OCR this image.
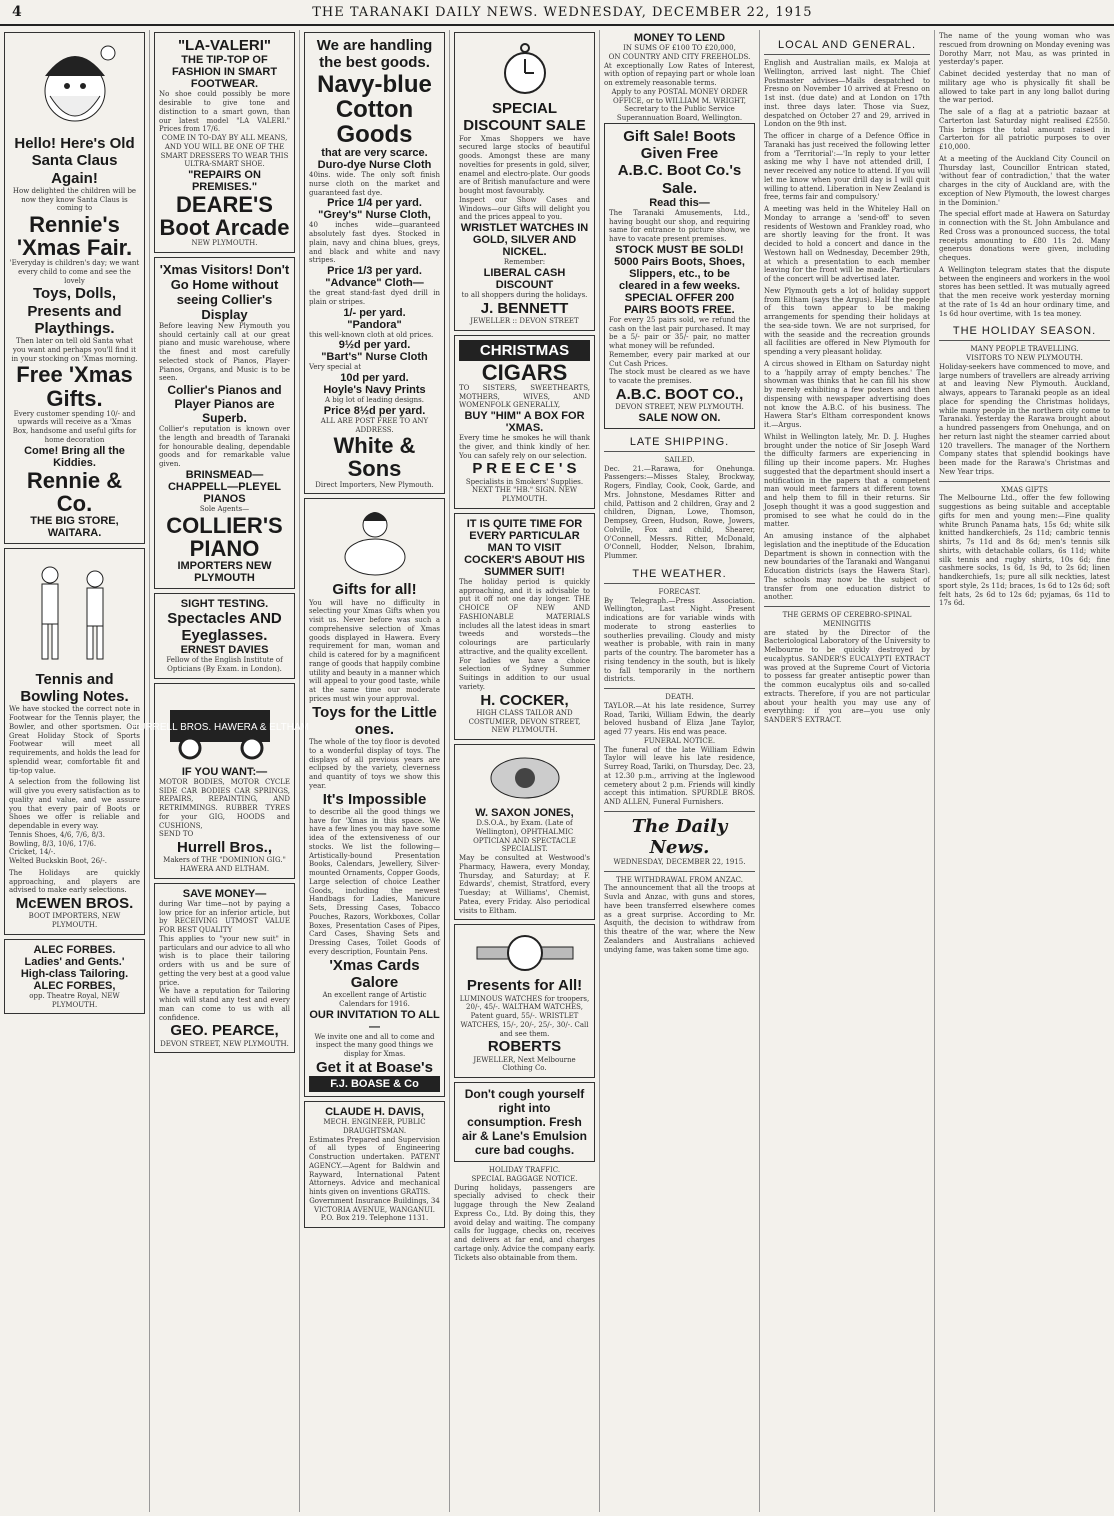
4	THE TARANAKI DAILY NEWS. WEDNESDAY, DECEMBER 22, 1915
Hello! Here's Old
Santa Claus Again!
How delighted the children will be now they know Santa Claus is coming to
Rennie's 'Xmas Fair.
'Everyday is children's day; we want every child to come and see the lovely
Toys, Dolls, Presents and Playthings.
Then later on tell old Santa what you want and perhaps you'll find it in your stocking on 'Xmas morning.
Free 'Xmas Gifts.
Every customer spending 10/- and upwards will receive as a 'Xmas Box, handsome and useful gifts for home decoration
Come! Bring all the Kiddies.
Rennie & Co.
THE BIG STORE, WAITARA.
Tennis and Bowling Notes.
We have stocked the correct note in Footwear for the Tennis player, the Bowler, and other sportsmen. Our Great Holiday Stock of Sports Footwear will meet all requirements, and holds the lead for splendid wear, comfortable fit and tip-top value.
A selection from the following list will give you every satisfaction as to quality and value, and we assure you that every pair of Boots or Shoes we offer is reliable and dependable in every way.
Tennis Shoes, 4/6, 7/6, 8/3.
Bowling, 8/3, 10/6, 17/6.
Cricket, 14/-.
Welted Buckskin Boot, 26/-.
The Holidays are quickly approaching, and players are advised to make early selections.
McEWEN BROS.
BOOT IMPORTERS, NEW PLYMOUTH.
ALEC FORBES.
Ladies' and Gents.' High-class Tailoring.
ALEC FORBES,
opp. Theatre Royal, NEW PLYMOUTH.
"LA-VALERI"
THE TIP-TOP OF FASHION IN SMART FOOTWEAR.
No shoe could possibly be more desirable to give tone and distinction to a smart gown, than our latest model "LA VALERI." Prices from 17/6.
COME IN TO-DAY BY ALL MEANS, AND YOU WILL BE ONE OF THE SMART DRESSERS TO WEAR THIS ULTRA-SMART SHOE.
"REPAIRS ON PREMISES."
DEARE'S Boot Arcade
NEW PLYMOUTH.
'Xmas Visitors! Don't Go Home without seeing Collier's Display
Before leaving New Plymouth you should certainly call at our great piano and music warehouse, where the finest and most carefully selected stock of Pianos, Player-Pianos, Organs, and Music is to be seen.
Collier's Pianos and Player Pianos are Superb.
Collier's reputation is known over the length and breadth of Taranaki for honourable dealing, dependable goods and for remarkable value given.
BRINSMEAD—CHAPPELL—PLEYEL PIANOS
Sole Agents—
COLLIER'S PIANO
IMPORTERS NEW PLYMOUTH
SIGHT TESTING.
Spectacles AND Eyeglasses.
ERNEST DAVIES
Fellow of the English Institute of Opticians (By Exam. in London).
HURRELL BROS. HAWERA & ELTHAM
IF YOU WANT:—
MOTOR BODIES, MOTOR CYCLE SIDE CAR BODIES CAR SPRINGS, REPAIRS, REPAINTING, AND RETRIMMINGS. RUBBER TYRES for your GIG, HOODS and CUSHIONS,
SEND TO
Hurrell Bros.,
Makers of THE "DOMINION GIG." HAWERA AND ELTHAM.
SAVE MONEY—
during War time—not by paying a low price for an inferior article, but by RECEIVING UTMOST VALUE FOR BEST QUALITY
This applies to "your new suit" in particulars and our advice to all who wish is to place their tailoring orders with us and be sure of getting the very best at a good value price.
We have a reputation for Tailoring which will stand any test and every man can come to us with all confidence.
GEO. PEARCE,
DEVON STREET, NEW PLYMOUTH.
We are handling the best goods.
Navy-blue Cotton Goods
that are very scarce.
Duro-dye Nurse Cloth
40ins. wide. The only soft finish nurse cloth on the market and guaranteed fast dye.
Price 1/4 per yard.
"Grey's" Nurse Cloth,
40 inches wide—guaranteed absolutely fast dyes. Stocked in plain, navy and china blues, greys, and black and white and navy stripes.
Price 1/3 per yard.
"Advance" Cloth—
the great stand-fast dyed drill in plain or stripes.
1/- per yard.
"Pandora"
this well-known cloth at old prices.
9½d per yard.
"Bart's" Nurse Cloth
Very special at
10d per yard.
Hoyle's Navy Prints
A big lot of leading designs.
Price 8½d per yard.
ALL ARE POST FREE TO ANY ADDRESS.
White & Sons
Direct Importers, New Plymouth.
Gifts for all!
You will have no difficulty in selecting your Xmas Gifts when you visit us. Never before was such a comprehensive selection of Xmas goods displayed in Hawera. Every requirement for man, woman and child is catered for by a magnificent range of goods that happily combine utility and beauty in a manner which will appeal to your good taste, while at the same time our moderate prices must win your approval.
Toys for the Little ones.
The whole of the toy floor is devoted to a wonderful display of toys. The displays of all previous years are eclipsed by the variety, cleverness and quantity of toys we show this year.
It's Impossible
to describe all the good things we have for 'Xmas in this space. We have a few lines you may have some idea of the extensiveness of our stocks. We list the following—Artistically-bound Presentation Books, Calendars, Jewellery, Silver-mounted Ornaments, Copper Goods, Large selection of choice Leather Goods, including the newest Handbags for Ladies, Manicure Sets, Dressing Cases, Tobacco Pouches, Razors, Workboxes, Collar Boxes, Presentation Cases of Pipes, Card Cases, Shaving Sets and Dressing Cases, Toilet Goods of every description, Fountain Pens.
'Xmas Cards Galore
An excellent range of Artistic Calendars for 1916.
OUR INVITATION TO ALL—
We invite one and all to come and inspect the many good things we display for Xmas.
Get it at Boase's
F.J. BOASE & Co
CLAUDE H. DAVIS,
MECH. ENGINEER, PUBLIC DRAUGHTSMAN.
Estimates Prepared and Supervision of all types of Engineering Construction undertaken. PATENT AGENCY.—Agent for Baldwin and Rayward, International Patent Attorneys. Advice and mechanical hints given on inventions GRATIS.
Government Insurance Buildings, 34 VICTORIA AVENUE, WANGANUI. P.O. Box 219. Telephone 1131.
SPECIAL DISCOUNT SALE
For Xmas Shoppers we have secured large stocks of beautiful goods. Amongst these are many novelties for presents in gold, silver, enamel and electro-plate. Our goods are of British manufacture and were bought most favourably.
Inspect our Show Cases and Windows—our Gifts will delight you and the prices appeal to you.
WRISTLET WATCHES IN GOLD, SILVER AND NICKEL.
Remember:
LIBERAL CASH DISCOUNT
to all shoppers during the holidays.
J. BENNETT
JEWELLER :: DEVON STREET
CHRISTMAS
CIGARS
TO SISTERS, SWEETHEARTS, MOTHERS, WIVES, AND WOMENFOLK GENERALLY,
BUY "HIM" A BOX FOR 'XMAS.
Every time he smokes he will thank the giver, and think kindly of her. You can safely rely on our selection.
P R E E C E ' S
Specialists in Smokers' Supplies. NEXT THE "HB." SIGN. NEW PLYMOUTH.
IT IS QUITE TIME FOR EVERY PARTICULAR MAN TO VISIT COCKER'S ABOUT HIS SUMMER SUIT!
The holiday period is quickly approaching, and it is advisable to put it off not one day longer. THE CHOICE OF NEW AND FASHIONABLE MATERIALS includes all the latest ideas in smart tweeds and worsteds—the colourings are particularly attractive, and the quality excellent.
For ladies we have a choice selection of Sydney Summer Suitings in addition to our usual variety.
H. COCKER,
HIGH CLASS TAILOR AND COSTUMIER, DEVON STREET, NEW PLYMOUTH.
W. SAXON JONES,
D.S.O.A., by Exam. (Late of Wellington), OPHTHALMIC OPTICIAN AND SPECTACLE SPECIALIST.
May be consulted at Westwood's Pharmacy, Hawera, every Monday, Thursday, and Saturday; at F. Edwards', chemist, Stratford, every Tuesday; at Williams', Chemist, Patea, every Friday. Also periodical visits to Eltham.
Presents for All!
LUMINOUS WATCHES for troopers, 20/-, 45/-. WALTHAM WATCHES, Patent guard, 55/-. WRISTLET WATCHES, 15/-, 20/-, 25/-, 30/-. Call and see them.
ROBERTS
JEWELLER, Next Melbourne Clothing Co.
Don't cough yourself right into consumption. Fresh air & Lane's Emulsion cure bad coughs.
HOLIDAY TRAFFIC.
SPECIAL BAGGAGE NOTICE.
During holidays, passengers are specially advised to check their luggage through the New Zealand Express Co., Ltd. By doing this, they avoid delay and waiting. The company calls for luggage, checks on, receives and delivers at far end, and charges cartage only. Advice the company early. Tickets also obtainable from them.
MONEY TO LEND
IN SUMS OF £100 TO £20,000,
ON COUNTRY AND CITY FREEHOLDS.
At exceptionally Low Rates of Interest, with option of repaying part or whole loan on extremely reasonable terms.
Apply to any POSTAL MONEY ORDER OFFICE, or to WILLIAM M. WRIGHT, Secretary to the Public Service Superannuation Board, Wellington.
Gift Sale! Boots Given Free
A.B.C. Boot Co.'s Sale.
Read this—
The Taranaki Amusements, Ltd., having bought our shop, and requiring same for entrance to picture show, we have to vacate present premises.
STOCK MUST BE SOLD! 5000 Pairs Boots, Shoes, Slippers, etc., to be cleared in a few weeks.
SPECIAL OFFER 200 PAIRS BOOTS FREE.
For every 25 pairs sold, we refund the cash on the last pair purchased. It may be a 5/- pair or 35/- pair, no matter what money will be refunded.
Remember, every pair marked at our Cut Cash Prices.
The stock must be cleared as we have to vacate the premises.
A.B.C. BOOT CO.,
DEVON STREET, NEW PLYMOUTH.
SALE NOW ON.
LATE SHIPPING.
SAILED.
Dec. 21.—Rarawa, for Onehunga. Passengers:—Misses Staley, Brockway, Rogers, Findlay, Cook, Cook, Garde, and Mrs. Johnstone, Mesdames Ritter and child, Pattison and 2 children, Gray and 2 children, Dignan, Lowe, Thomson, Dempsey, Green, Hudson, Rowe, Jowers, Colville, Fox and child, Shearer, O'Connell, Messrs. Ritter, McDonald, O'Connell, Hodder, Nelson, Ibrahim, Plummer.
THE WEATHER.
FORECAST.
By Telegraph.—Press Association. Wellington, Last Night. Present indications are for variable winds with moderate to strong easterlies to southerlies prevailing. Cloudy and misty weather is probable, with rain in many parts of the country. The barometer has a rising tendency in the south, but is likely to fall temporarily in the northern districts.
DEATH.
TAYLOR.—At his late residence, Surrey Road, Tariki, William Edwin, the dearly beloved husband of Eliza Jane Taylor, aged 77 years. His end was peace.
FUNERAL NOTICE.
The funeral of the late William Edwin Taylor will leave his late residence, Surrey Road, Tariki, on Thursday, Dec. 23, at 12.30 p.m., arriving at the Inglewood cemetery about 2 p.m. Friends will kindly accept this intimation. SPURDLE BROS. AND ALLEN, Funeral Furnishers.
The Daily News.
WEDNESDAY, DECEMBER 22, 1915.
THE WITHDRAWAL FROM ANZAC.
The announcement that all the troops at Suvla and Anzac, with guns and stores, have been transferred elsewhere comes as a great surprise. According to Mr. Asquith, the decision to withdraw from this theatre of the war, where the New Zealanders and Australians achieved undying fame, was taken some time ago.
LOCAL AND GENERAL.
English and Australian mails, ex Maloja at Wellington, arrived last night. The Chief Postmaster advises—Mails despatched to Fresno on November 10 arrived at Fresno on 1st inst. (due date) and at London on 17th inst. three days later. Those via Suez, despatched on October 27 and 29, arrived in London on the 9th inst.
The officer in charge of a Defence Office in Taranaki has just received the following letter from a 'Territorial':—'In reply to your letter asking me why I have not attended drill, I never received any notice to attend. If you will let me know when your drill day is I will quit willing to attend. Liberation in New Zealand is free, terms fair and compulsory.'
A meeting was held in the Whiteley Hall on Monday to arrange a 'send-off' to seven residents of Westown and Frankley road, who are shortly leaving for the front. It was decided to hold a concert and dance in the Westown hall on Wednesday, December 29th, at which a presentation to each member leaving for the front will be made. Particulars of the concert will be advertised later.
New Plymouth gets a lot of holiday support from Eltham (says the Argus). Half the people of this town appear to be making arrangements for spending their holidays at the sea-side town. We are not surprised, for with the seaside and the recreation grounds all facilities are offered in New Plymouth for spending a very pleasant holiday.
A circus showed in Eltham on Saturday night to a 'happily array of empty benches.' The showman was thinks that he can fill his show by merely exhibiting a few posters and then dispensing with newspaper advertising does not know the A.B.C. of his business. The Hawera Star's Eltham correspondent knows it.—Argus.
Whilst in Wellington lately, Mr. D. J. Hughes brought under the notice of Sir Joseph Ward the difficulty farmers are experiencing in filling up their income papers. Mr. Hughes suggested that the department should insert a notification in the papers that a competent man would meet farmers at different towns and help them to fill in their returns. Sir Joseph thought it was a good suggestion and promised to see what he could do in the matter.
An amusing instance of the alphabet legislation and the ineptitude of the Education Department is shown in connection with the new boundaries of the Taranaki and Wanganui Education districts (says the Hawera Star). The schools may now be the subject of transfer from one education district to another.
THE GERMS OF CEREBRO-SPINAL MENINGITIS
are stated by the Director of the Bacteriological Laboratory of the University to Melbourne to be quickly destroyed by eucalyptus. SANDER'S EUCALYPTI EXTRACT was proved at the Supreme Court of Victoria to possess far greater antiseptic power than the common eucalyptus oils and so-called extracts. Therefore, if you are not particular about your health you may use any of everything: if you are—you use only SANDER'S EXTRACT.
The name of the young woman who was rescued from drowning on Monday evening was Dorothy Marr, not Mau, as was printed in yesterday's paper.
Cabinet decided yesterday that no man of military age who is physically fit shall be allowed to take part in any long ballot during the war period.
The sale of a flag at a patriotic bazaar at Carterton last Saturday night realised £2550. This brings the total amount raised in Carterton for all patriotic purposes to over £10,000.
At a meeting of the Auckland City Council on Thursday last, Councillor Entrican stated, 'without fear of contradiction,' that the water charges in the city of Auckland are, with the exception of New Plymouth, the lowest charges in the Dominion.'
The special effort made at Hawera on Saturday in connection with the St. John Ambulance and Red Cross was a pronounced success, the total receipts amounting to £80 11s 2d. Many generous donations were given, including cheques.
A Wellington telegram states that the dispute between the engineers and workers in the wool stores has been settled. It was mutually agreed that the men receive work yesterday morning at the rate of 1s 4d an hour ordinary time, and 1s 6d hour overtime, with 1s tea money.
THE HOLIDAY SEASON.
MANY PEOPLE TRAVELLING.
VISITORS TO NEW PLYMOUTH.
Holiday-seekers have commenced to move, and large numbers of travellers are already arriving at and leaving New Plymouth. Auckland, always, appears to Taranaki people as an ideal place for spending the Christmas holidays, while many people in the northern city come to Taranaki. Yesterday the Rarawa brought about a hundred passengers from Onehunga, and on her return last night the steamer carried about 120 travellers. The manager of the Northern Company states that splendid bookings have been made for the Rarawa's Christmas and New Year trips.
XMAS GIFTS
The Melbourne Ltd., offer the few following suggestions as being suitable and acceptable gifts for men and young men:—Fine quality white Brunch Panama hats, 15s 6d; white silk knitted handkerchiefs, 2s 11d; cambric tennis shirts, 7s 11d and 8s 6d; men's tennis silk shirts, with detachable collars, 6s 11d; white silk tennis and rugby shirts, 10s 6d; fine cashmere socks, 1s 6d, 1s 9d, to 2s 6d; linen handkerchiefs, 1s; pure all silk neckties, latest sport style, 2s 11d; braces, 1s 6d to 12s 6d; soft felt hats, 2s 6d to 12s 6d; pyjamas, 6s 11d to 17s 6d.
